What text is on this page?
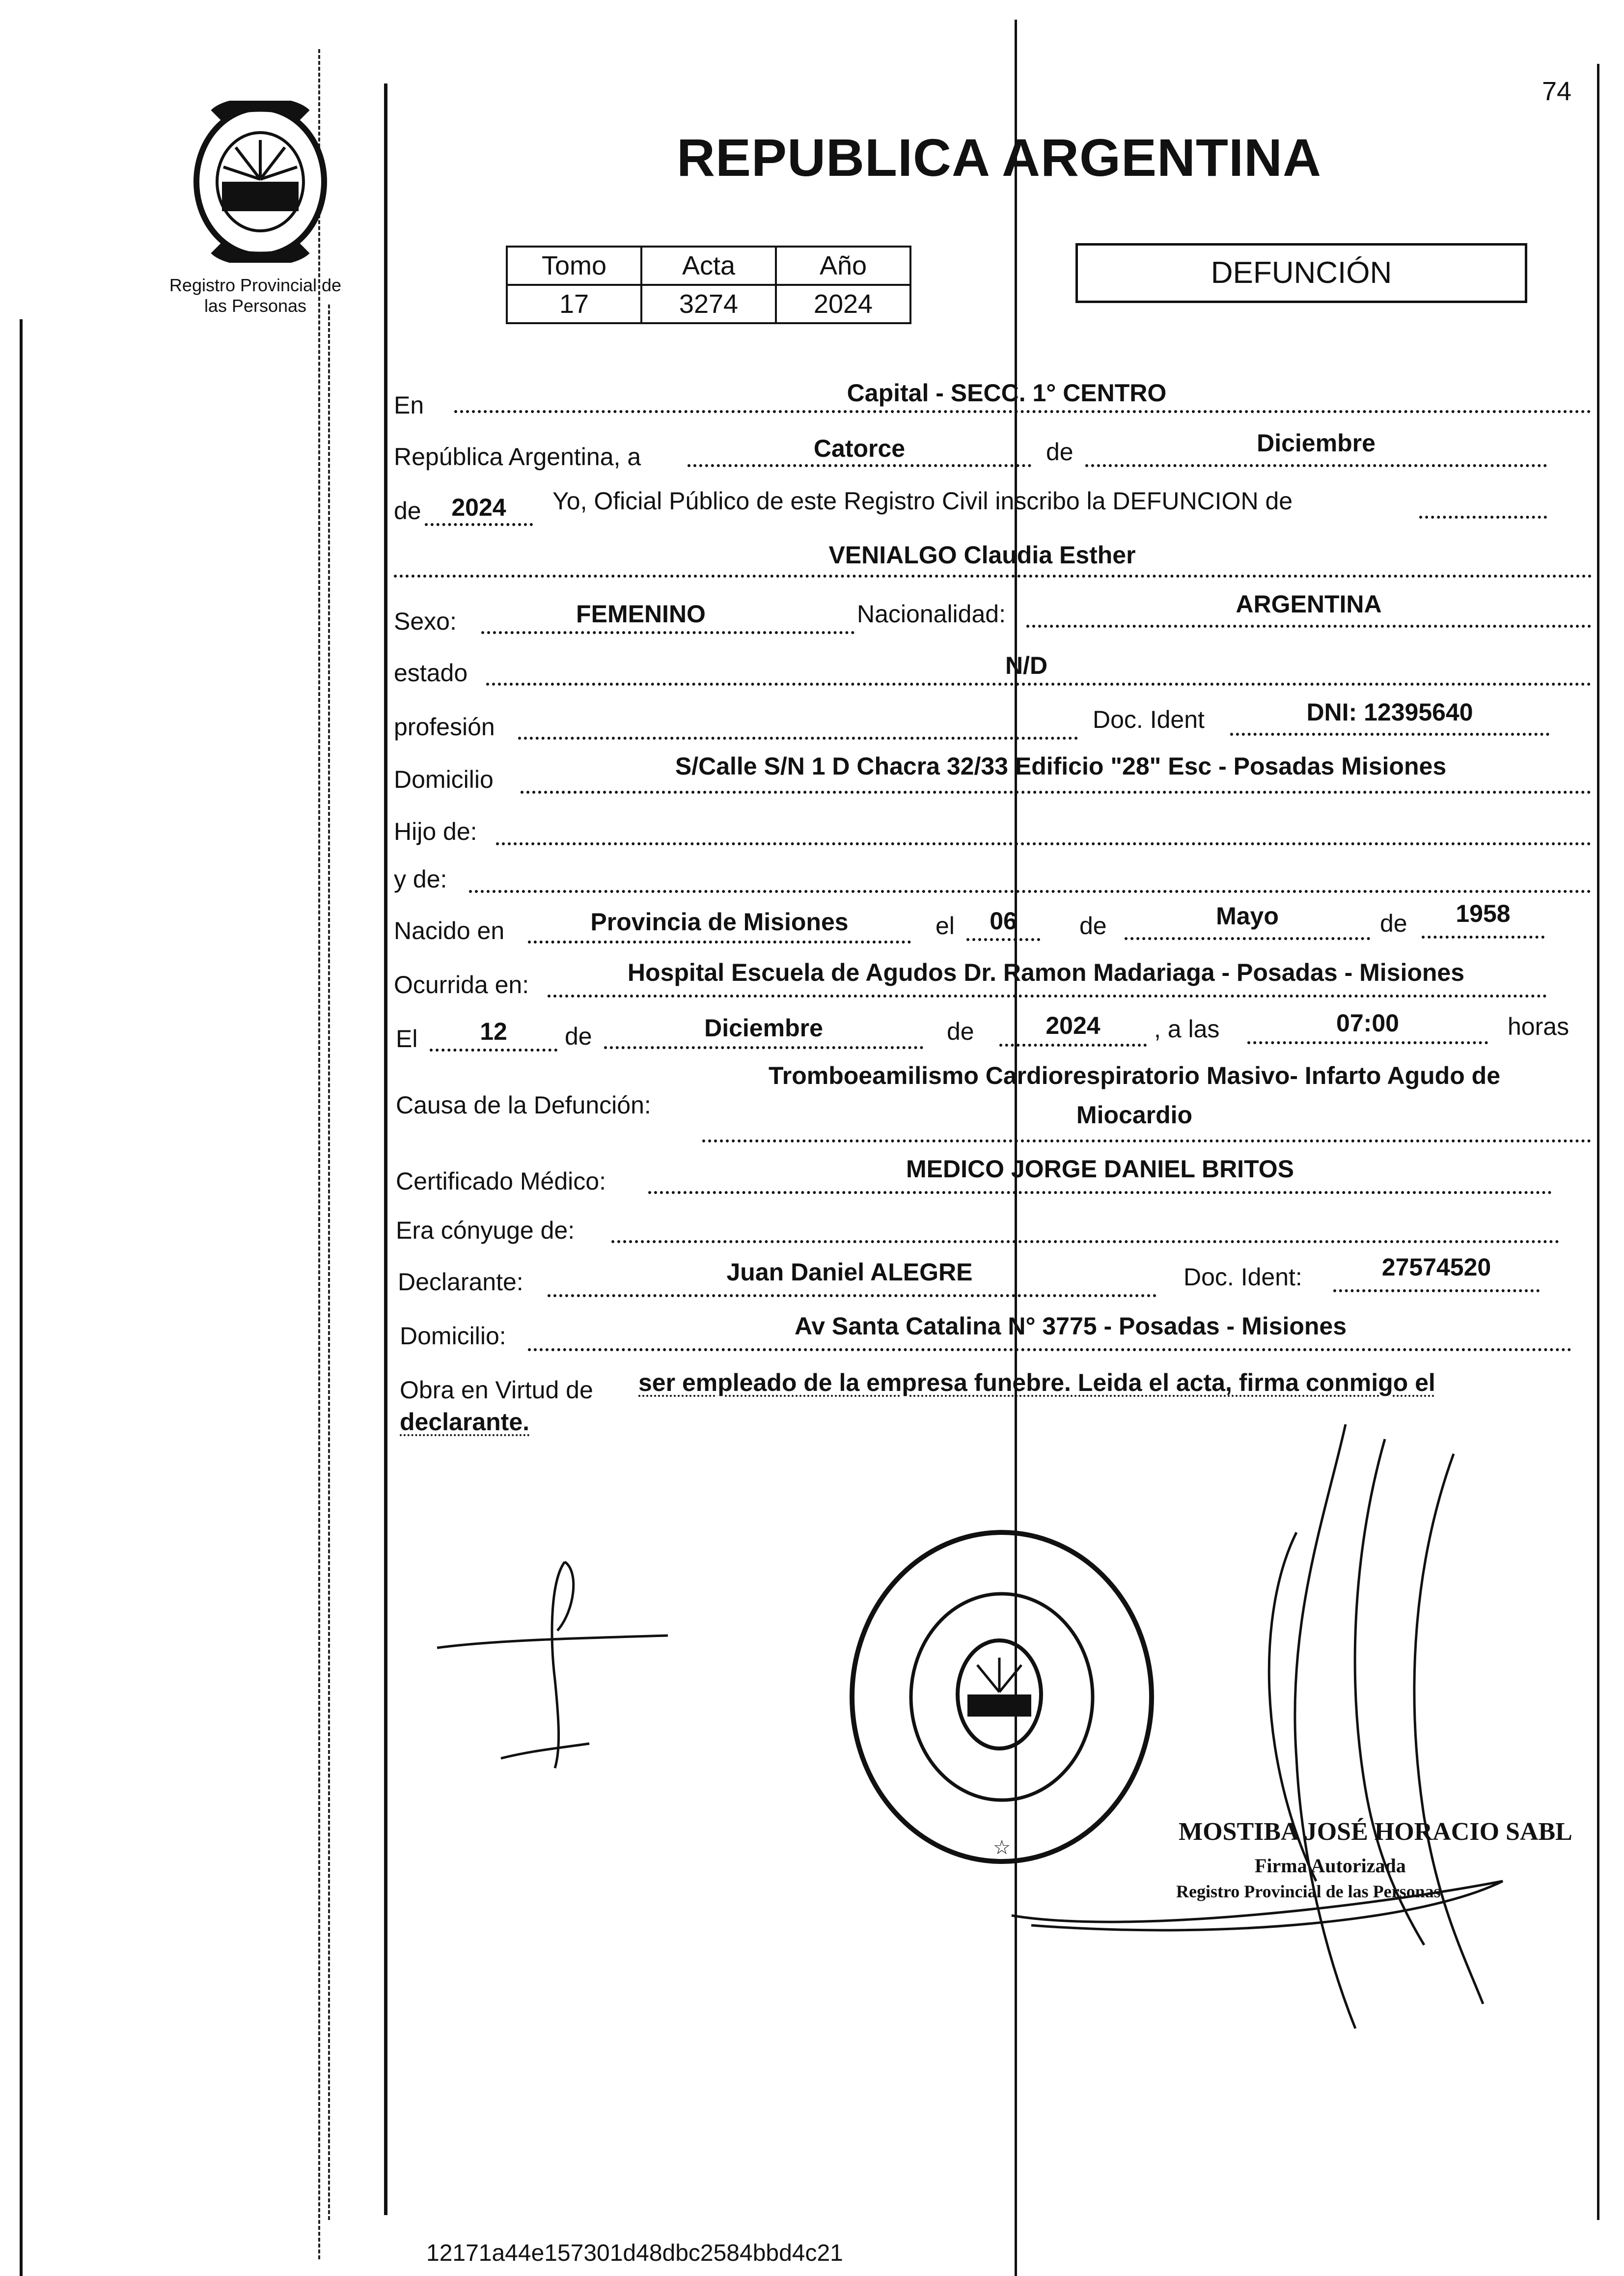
74
Registro Provincial de
las Personas
REPUBLICA ARGENTINA
Tomo	Acta	Año
17	3274	2024
DEFUNCIÓN
En	Capital - SECC. 1° CENTRO
República Argentina, a	Catorce	de	Diciembre
de	2024	Yo, Oficial Público de este Registro Civil inscribo la DEFUNCION de
VENIALGO Claudia Esther
Sexo:	FEMENINO	Nacionalidad:	ARGENTINA
estado	N/D
profesión	Doc. Ident	DNI: 12395640
Domicilio	S/Calle S/N 1 D Chacra 32/33 Edificio "28" Esc - Posadas Misiones
Hijo de:
y de:
Nacido en	Provincia de Misiones	el	06	de	Mayo	de	1958
Ocurrida en:	Hospital Escuela de Agudos Dr. Ramon Madariaga - Posadas - Misiones
El	12	de	Diciembre	de	2024	, a las	07:00	horas
Causa de la Defunción:
Tromboeamilismo Cardiorespiratorio Masivo- Infarto Agudo de
Miocardio
Certificado Médico:	MEDICO JORGE DANIEL BRITOS
Era cónyuge de:
Declarante:	Juan Daniel ALEGRE	Doc. Ident:	27574520
Domicilio:	Av Santa Catalina N° 3775 - Posadas - Misiones
Obra en Virtud de ser empleado de la empresa funebre. Leida el acta, firma conmigo el
declarante.
☆
MOSTIBA JOSÉ HORACIO SABL
Firma Autorizada
Registro Provincial de las Personas
12171a44e157301d48dbc2584bbd4c21
